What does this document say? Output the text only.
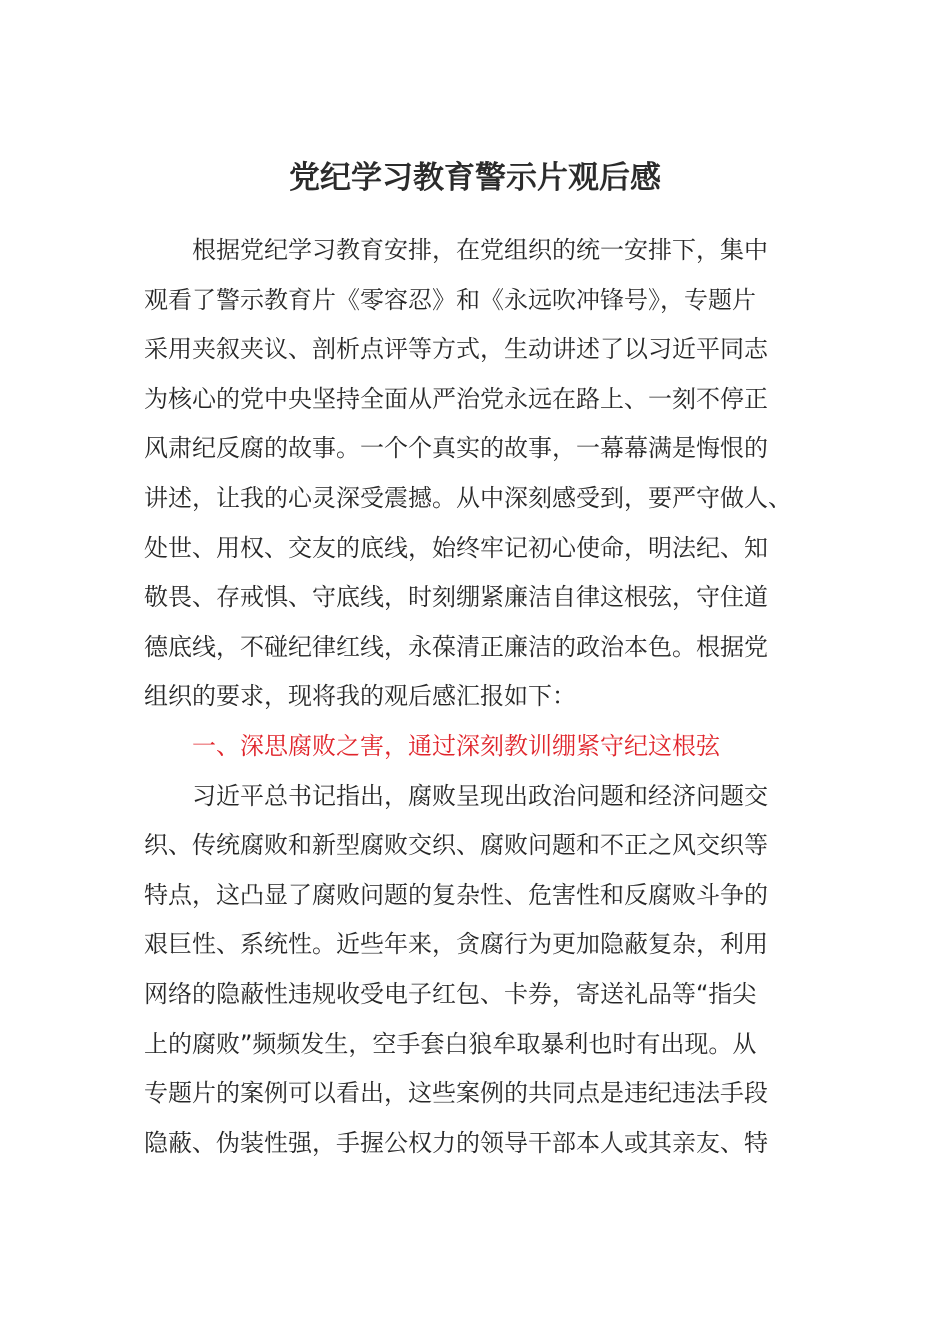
党纪学习教育警示片观后感
根据党纪学习教育安排，在党组织的统一安排下，集中
观看了警示教育片《零容忍》和《永远吹冲锋号》，专题片
采用夹叙夹议、剖析点评等方式，生动讲述了以习近平同志
为核心的党中央坚持全面从严治党永远在路上、一刻不停正
风肃纪反腐的故事。一个个真实的故事，一幕幕满是悔恨的
讲述，让我的心灵深受震撼。从中深刻感受到，要严守做人、
处世、用权、交友的底线，始终牢记初心使命，明法纪、知
敬畏、存戒惧、守底线，时刻绷紧廉洁自律这根弦，守住道
德底线，不碰纪律红线，永葆清正廉洁的政治本色。根据党
组织的要求，现将我的观后感汇报如下：
一、深思腐败之害，通过深刻教训绷紧守纪这根弦
习近平总书记指出，腐败呈现出政治问题和经济问题交
织、传统腐败和新型腐败交织、腐败问题和不正之风交织等
特点，这凸显了腐败问题的复杂性、危害性和反腐败斗争的
艰巨性、系统性。近些年来，贪腐行为更加隐蔽复杂，利用
网络的隐蔽性违规收受电子红包、卡券，寄送礼品等“指尖
上的腐败”频频发生，空手套白狼牟取暴利也时有出现。从
专题片的案例可以看出，这些案例的共同点是违纪违法手段
隐蔽、伪装性强，手握公权力的领导干部本人或其亲友、特
